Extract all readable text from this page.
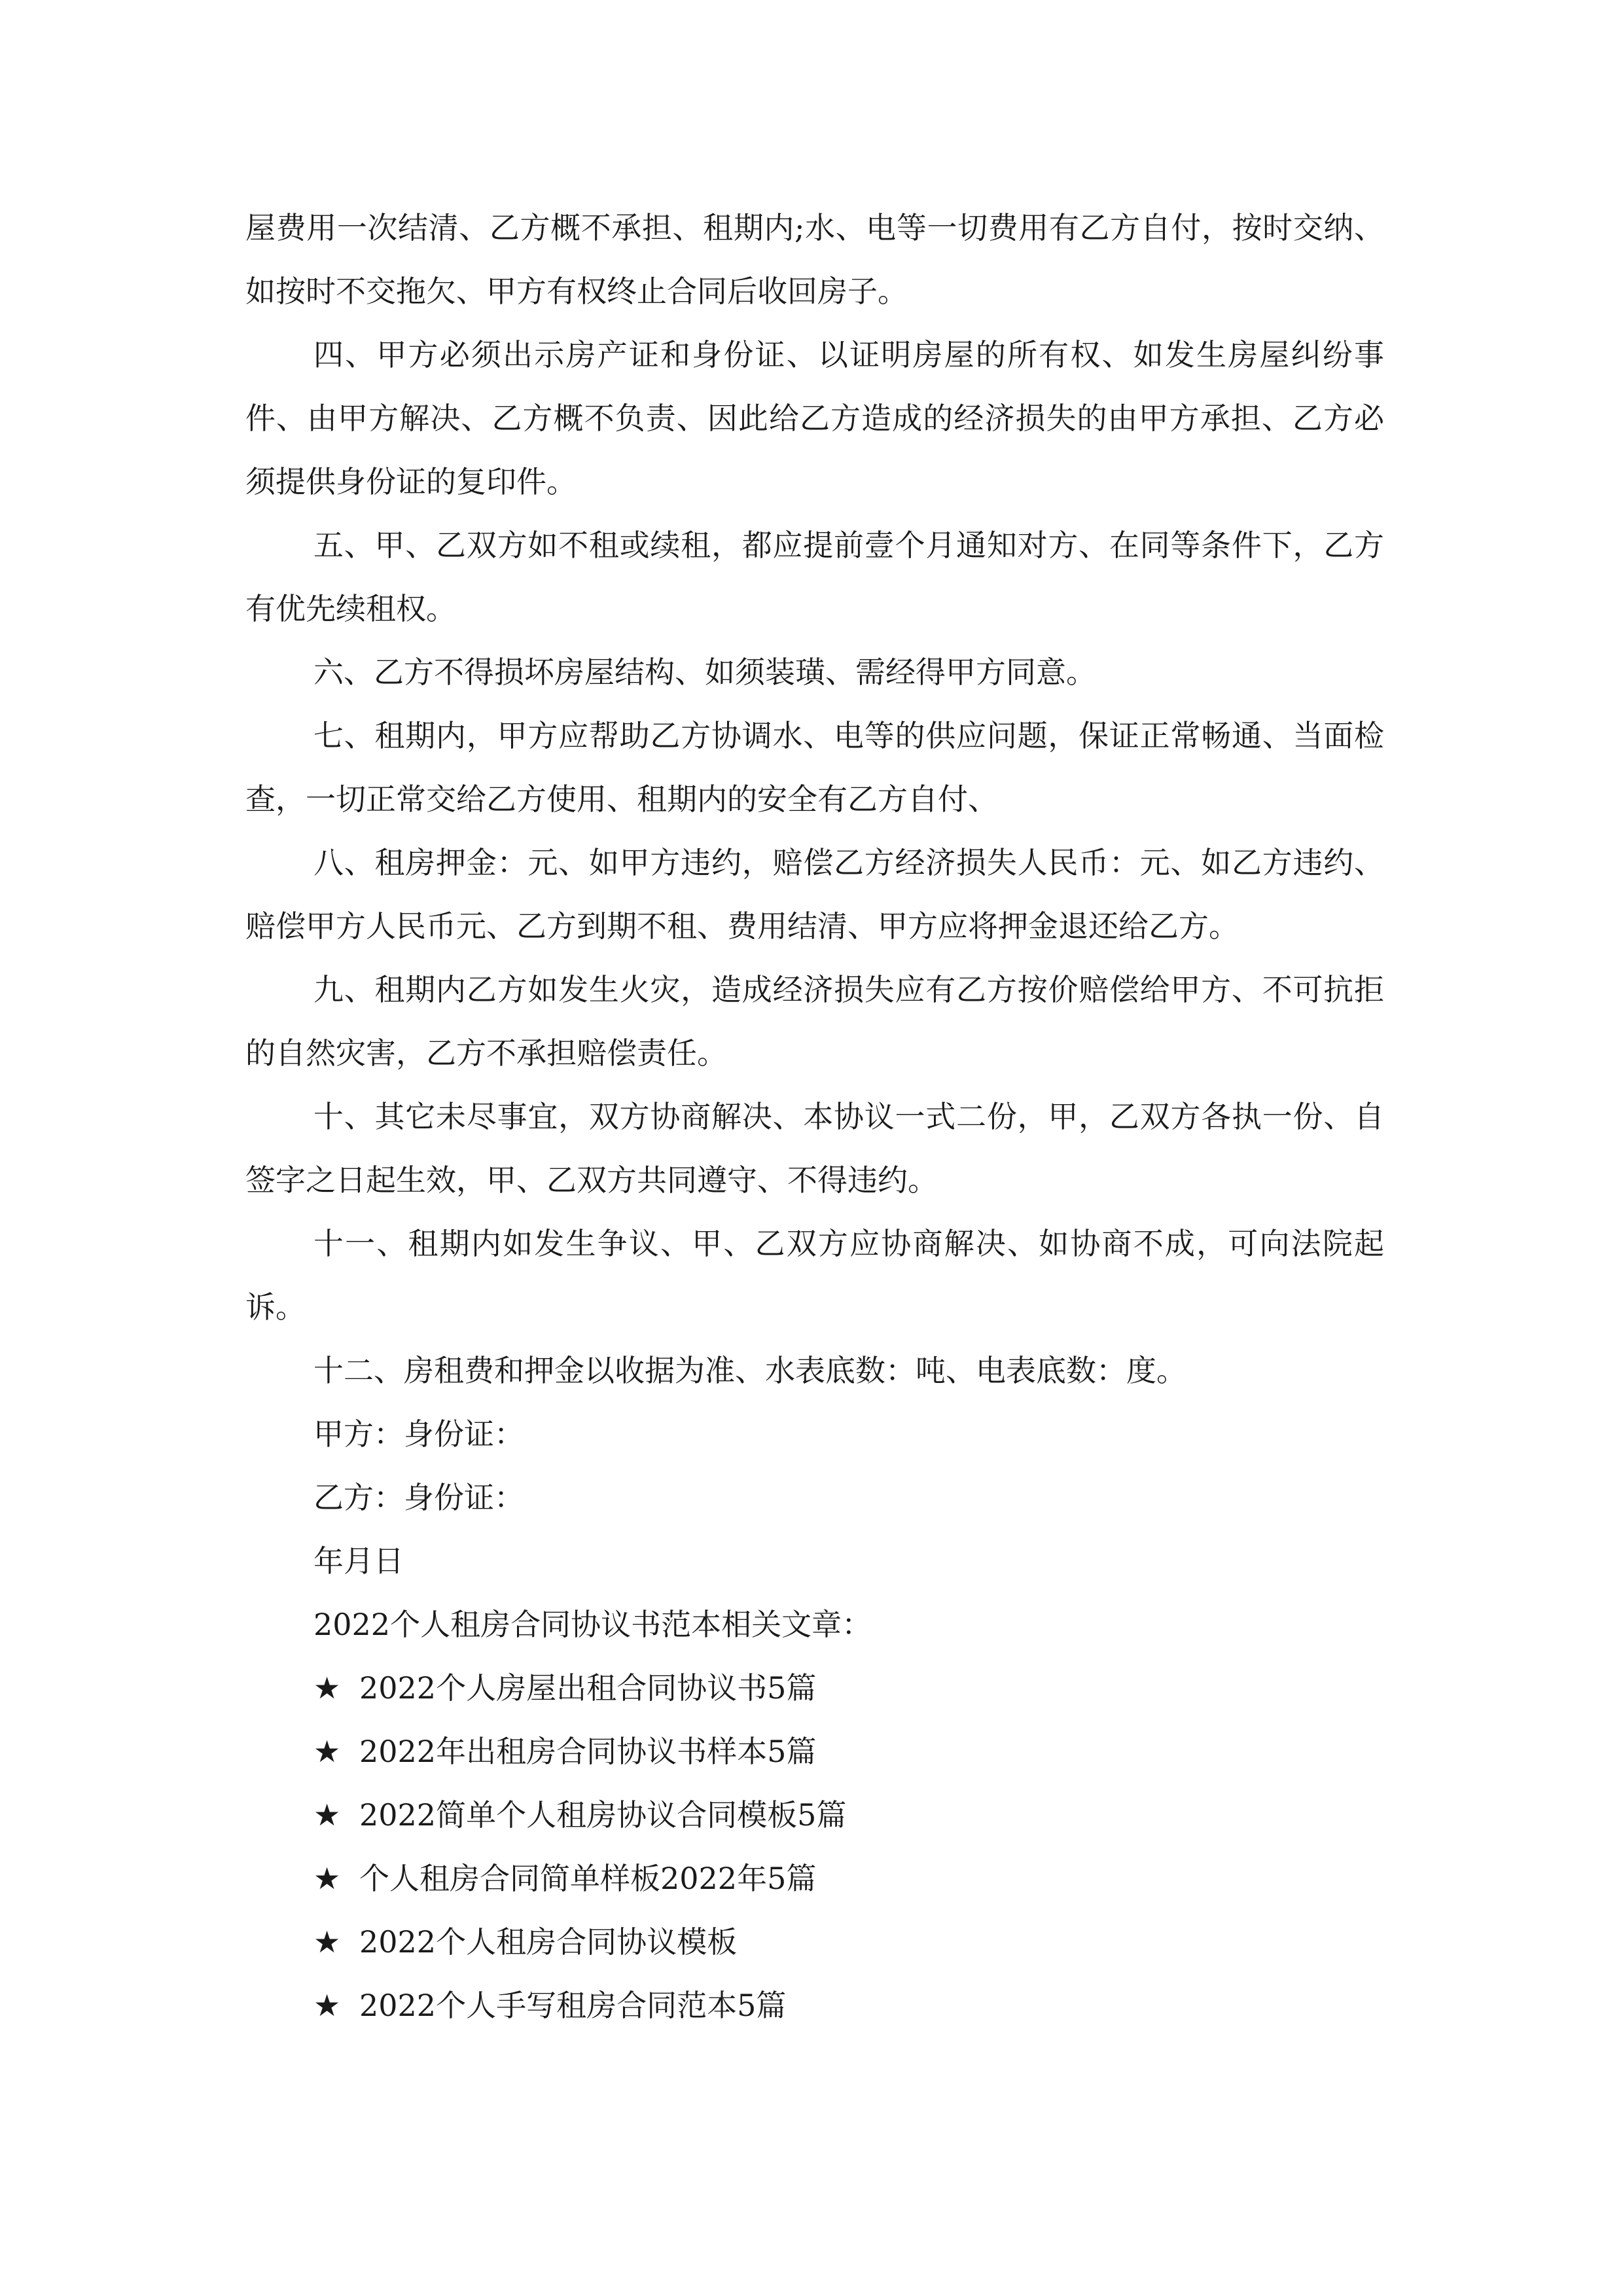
屋费用一次结清、乙方概不承担、租期内;水、电等一切费用有乙方自付，按时交纳、如按时不交拖欠、甲方有权终止合同后收回房子。

四、甲方必须出示房产证和身份证、以证明房屋的所有权、如发生房屋纠纷事件、由甲方解决、乙方概不负责、因此给乙方造成的经济损失的由甲方承担、乙方必须提供身份证的复印件。

五、甲、乙双方如不租或续租，都应提前壹个月通知对方、在同等条件下，乙方有优先续租权。

六、乙方不得损坏房屋结构、如须装璜、需经得甲方同意。

七、租期内，甲方应帮助乙方协调水、电等的供应问题，保证正常畅通、当面检查，一切正常交给乙方使用、租期内的安全有乙方自付、

八、租房押金：元、如甲方违约，赔偿乙方经济损失人民币：元、如乙方违约、赔偿甲方人民币元、乙方到期不租、费用结清、甲方应将押金退还给乙方。

九、租期内乙方如发生火灾，造成经济损失应有乙方按价赔偿给甲方、不可抗拒的自然灾害，乙方不承担赔偿责任。

十、其它未尽事宜，双方协商解决、本协议一式二份，甲，乙双方各执一份、自签字之日起生效，甲、乙双方共同遵守、不得违约。

十一、租期内如发生争议、甲、乙双方应协商解决、如协商不成，可向法院起诉。

十二、房租费和押金以收据为准、水表底数：吨、电表底数：度。

甲方：身份证：

乙方：身份证：

年月日

2022个人租房合同协议书范本相关文章：

★ 2022个人房屋出租合同协议书5篇
★ 2022年出租房合同协议书样本5篇
★ 2022简单个人租房协议合同模板5篇
★ 个人租房合同简单样板2022年5篇
★ 2022个人租房合同协议模板
★ 2022个人手写租房合同范本5篇
